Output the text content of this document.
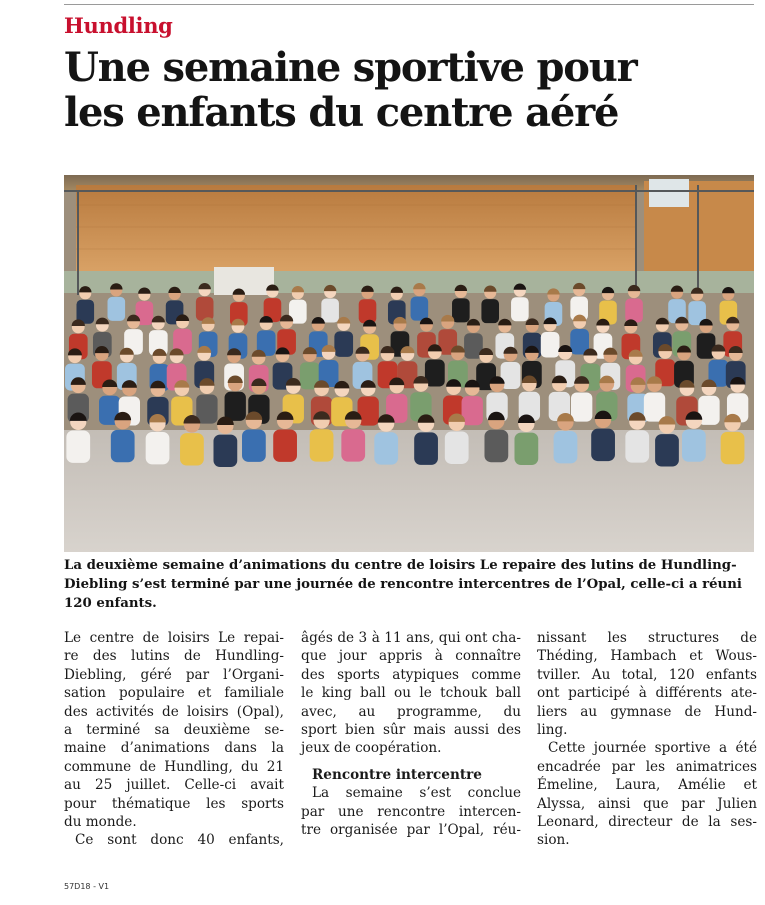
Hundling
Une semaine sportive pour
les enfants du centre aéré

La deuxième semaine d’animations du centre de loisirs Le repaire des lutins de Hundling-
Diebling s’est terminé par une journée de rencontre intercentres de l’Opal, celle-ci a réuni
120 enfants.

Le centre de loisirs Le repai-
re des lutins de Hundling-
Diebling, géré par l’Organi-
sation populaire et familiale
des activités de loisirs (Opal),
a terminé sa deuxième se-
maine d’animations dans la
commune de Hundling, du 21
au 25 juillet. Celle-ci avait
pour thématique les sports
du monde.
Ce sont donc 40 enfants,
âgés de 3 à 11 ans, qui ont cha-
que jour appris à connaître
des sports atypiques comme
le king ball ou le tchouk ball
avec, au programme, du
sport bien sûr mais aussi des
jeux de coopération.
Rencontre intercentre
La semaine s’est conclue
par une rencontre intercen-
tre organisée par l’Opal, réu-
nissant les structures de
Théding, Hambach et Wous-
tviller. Au total, 120 enfants
ont participé à différents ate-
liers au gymnase de Hund-
ling.
Cette journée sportive a été
encadrée par les animatrices
Émeline, Laura, Amélie et
Alyssa, ainsi que par Julien
Leonard, directeur de la ses-
sion.
57D18 - V1
